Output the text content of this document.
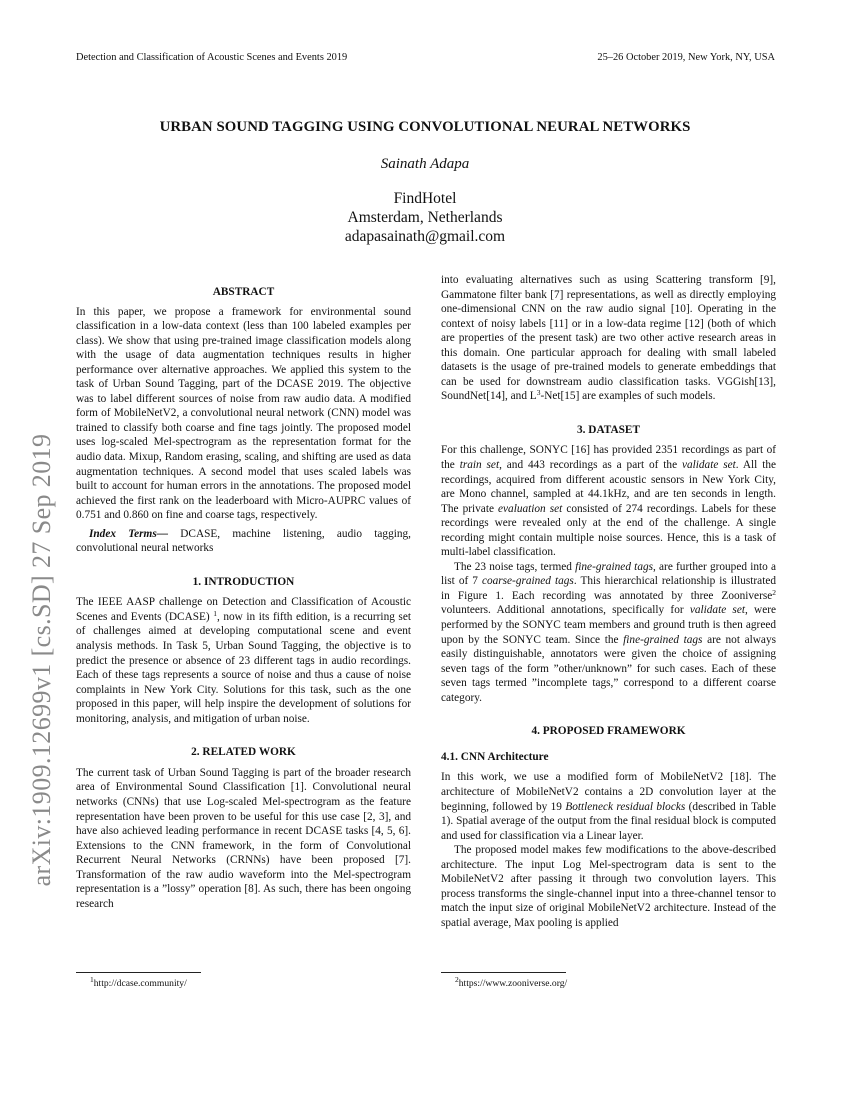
Detection and Classification of Acoustic Scenes and Events 2019	25–26 October 2019, New York, NY, USA
URBAN SOUND TAGGING USING CONVOLUTIONAL NEURAL NETWORKS
Sainath Adapa
FindHotel
Amsterdam, Netherlands
adapasainath@gmail.com
arXiv:1909.12699v1 [cs.SD] 27 Sep 2019
ABSTRACT

In this paper, we propose a framework for environmental sound classification in a low-data context (less than 100 labeled examples per class). We show that using pre-trained image classification models along with the usage of data augmentation techniques results in higher performance over alternative approaches. We applied this system to the task of Urban Sound Tagging, part of the DCASE 2019. The objective was to label different sources of noise from raw audio data. A modified form of MobileNetV2, a convolutional neural network (CNN) model was trained to classify both coarse and fine tags jointly. The proposed model uses log-scaled Mel-spectrogram as the representation format for the audio data. Mixup, Random erasing, scaling, and shifting are used as data augmentation techniques. A second model that uses scaled labels was built to account for human errors in the annotations. The proposed model achieved the first rank on the leaderboard with Micro-AUPRC values of 0.751 and 0.860 on fine and coarse tags, respectively.

Index Terms— DCASE, machine listening, audio tagging, convolutional neural networks

1. INTRODUCTION

The IEEE AASP challenge on Detection and Classification of Acoustic Scenes and Events (DCASE) $^1$, now in its fifth edition, is a recurring set of challenges aimed at developing computational scene and event analysis methods. In Task 5, Urban Sound Tagging, the objective is to predict the presence or absence of 23 different tags in audio recordings. Each of these tags represents a source of noise and thus a cause of noise complaints in New York City. Solutions for this task, such as the one proposed in this paper, will help inspire the development of solutions for monitoring, analysis, and mitigation of urban noise.

2. RELATED WORK

The current task of Urban Sound Tagging is part of the broader research area of Environmental Sound Classification [1]. Convolutional neural networks (CNNs) that use Log-scaled Mel-spectrogram as the feature representation have been proven to be useful for this use case [2, 3], and have also achieved leading performance in recent DCASE tasks [4, 5, 6]. Extensions to the CNN framework, in the form of Convolutional Recurrent Neural Networks (CRNNs) have been proposed [7]. Transformation of the raw audio waveform into the Mel-spectrogram representation is a ”lossy” operation [8]. As such, there has been ongoing research

into evaluating alternatives such as using Scattering transform [9], Gammatone filter bank [7] representations, as well as directly employing one-dimensional CNN on the raw audio signal [10]. Operating in the context of noisy labels [11] or in a low-data regime [12] (both of which are properties of the present task) are two other active research areas in this domain. One particular approach for dealing with small labeled datasets is the usage of pre-trained models to generate embeddings that can be used for downstream audio classification tasks. VGGish[13], SoundNet[14], and $L^3-Net[15]$ are examples of such models.

3. DATASET

For this challenge, SONYC [16] has provided 2351 recordings as part of the train set, and 443 recordings as a part of the validate set. All the recordings, acquired from different acoustic sensors in New York City, are Mono channel, sampled at 44.1kHz, and are ten seconds in length. The private evaluation set consisted of 274 recordings. Labels for these recordings were revealed only at the end of the challenge. A single recording might contain multiple noise sources. Hence, this is a task of multi-label classification.

The 23 noise tags, termed fine-grained tags, are further grouped into a list of 7 coarse-grained tags. This hierarchical relationship is illustrated in Figure 1. Each recording was annotated by three Zooniverse$^2$ volunteers. Additional annotations, specifically for validate set, were performed by the SONYC team members and ground truth is then agreed upon by the SONYC team. Since the fine-grained tags are not always easily distinguishable, annotators were given the choice of assigning seven tags of the form ”other/unknown” for such cases. Each of these seven tags termed ”incomplete tags,” correspond to a different coarse category.

4. PROPOSED FRAMEWORK
4.1. CNN Architecture

In this work, we use a modified form of MobileNetV2 [18]. The architecture of MobileNetV2 contains a 2D convolution layer at the beginning, followed by 19 Bottleneck residual blocks (described in Table 1). Spatial average of the output from the final residual block is computed and used for classification via a Linear layer.

The proposed model makes few modifications to the above-described architecture. The input Log Mel-spectrogram data is sent to the MobileNetV2 after passing it through two convolution layers. This process transforms the single-channel input into a three-channel tensor to match the input size of original MobileNetV2 architecture. Instead of the spatial average, Max pooling is applied

$^1$http://dcase.community/	$^2$https://www.zooniverse.org/
